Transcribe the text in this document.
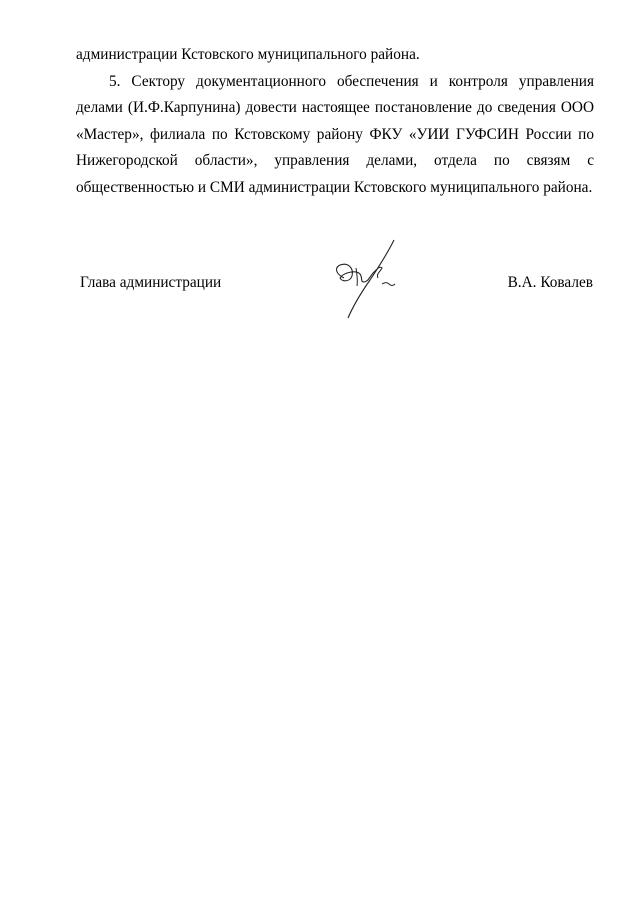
администрации Кстовского муниципального района.

5. Сектору документационного обеспечения и контроля управления делами (И.Ф.Карпунина) довести настоящее постановление до сведения ООО «Мастер», филиала по Кстовскому району ФКУ «УИИ ГУФСИН России по Нижегородской области», управления делами, отдела по связям с общественностью и СМИ администрации Кстовского муниципального района.

Глава администрации	В.А. Ковалев
